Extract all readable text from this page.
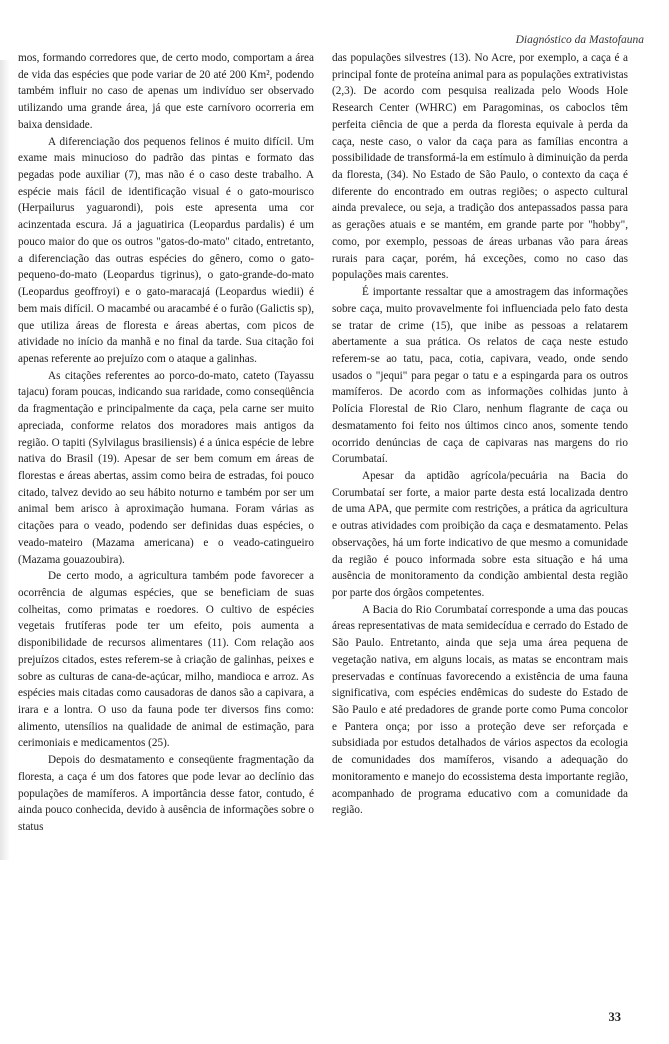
Diagnóstico da Mastofauna

mos, formando corredores que, de certo modo, comportam a área de vida das espécies que pode variar de 20 até 200 Km², podendo também influir no caso de apenas um indivíduo ser observado utilizando uma grande área, já que este carnívoro ocorreria em baixa densidade.

A diferenciação dos pequenos felinos é muito difícil. Um exame mais minucioso do padrão das pintas e formato das pegadas pode auxiliar (7), mas não é o caso deste trabalho. A espécie mais fácil de identificação visual é o gato-mourisco (Herpailurus yaguarondi), pois este apresenta uma cor acinzentada escura. Já a jaguatirica (Leopardus pardalis) é um pouco maior do que os outros "gatos-do-mato" citado, entretanto, a diferenciação das outras espécies do gênero, como o gato-pequeno-do-mato (Leopardus tigrinus), o gato-grande-do-mato (Leopardus geoffroyi) e o gato-maracajá (Leopardus wiedii) é bem mais difícil. O macambé ou aracambé é o furão (Galictis sp), que utiliza áreas de floresta e áreas abertas, com picos de atividade no início da manhã e no final da tarde. Sua citação foi apenas referente ao prejuízo com o ataque a galinhas.

As citações referentes ao porco-do-mato, cateto (Tayassu tajacu) foram poucas, indicando sua raridade, como conseqüência da fragmentação e principalmente da caça, pela carne ser muito apreciada, conforme relatos dos moradores mais antigos da região. O tapiti (Sylvilagus brasiliensis) é a única espécie de lebre nativa do Brasil (19). Apesar de ser bem comum em áreas de florestas e áreas abertas, assim como beira de estradas, foi pouco citado, talvez devido ao seu hábito noturno e também por ser um animal bem arisco à aproximação humana. Foram várias as citações para o veado, podendo ser definidas duas espécies, o veado-mateiro (Mazama americana) e o veado-catingueiro (Mazama gouazoubira).

De certo modo, a agricultura também pode favorecer a ocorrência de algumas espécies, que se beneficiam de suas colheitas, como primatas e roedores. O cultivo de espécies vegetais frutíferas pode ter um efeito, pois aumenta a disponibilidade de recursos alimentares (11). Com relação aos prejuízos citados, estes referem-se à criação de galinhas, peixes e sobre as culturas de cana-de-açúcar, milho, mandioca e arroz. As espécies mais citadas como causadoras de danos são a capivara, a irara e a lontra. O uso da fauna pode ter diversos fins como: alimento, utensílios na qualidade de animal de estimação, para cerimoniais e medicamentos (25).

Depois do desmatamento e conseqüente fragmentação da floresta, a caça é um dos fatores que pode levar ao declínio das populações de mamíferos. A importância desse fator, contudo, é ainda pouco conhecida, devido à ausência de informações sobre o status

das populações silvestres (13). No Acre, por exemplo, a caça é a principal fonte de proteína animal para as populações extrativistas (2,3). De acordo com pesquisa realizada pelo Woods Hole Research Center (WHRC) em Paragominas, os caboclos têm perfeita ciência de que a perda da floresta equivale à perda da caça, neste caso, o valor da caça para as famílias encontra a possibilidade de transformá-la em estímulo à diminuição da perda da floresta, (34). No Estado de São Paulo, o contexto da caça é diferente do encontrado em outras regiões; o aspecto cultural ainda prevalece, ou seja, a tradição dos antepassados passa para as gerações atuais e se mantém, em grande parte por "hobby", como, por exemplo, pessoas de áreas urbanas vão para áreas rurais para caçar, porém, há exceções, como no caso das populações mais carentes.

É importante ressaltar que a amostragem das informações sobre caça, muito provavelmente foi influenciada pelo fato desta se tratar de crime (15), que inibe as pessoas a relatarem abertamente a sua prática. Os relatos de caça neste estudo referem-se ao tatu, paca, cotia, capivara, veado, onde sendo usados o "jequi" para pegar o tatu e a espingarda para os outros mamíferos. De acordo com as informações colhidas junto à Polícia Florestal de Rio Claro, nenhum flagrante de caça ou desmatamento foi feito nos últimos cinco anos, somente tendo ocorrido denúncias de caça de capivaras nas margens do rio Corumbataí.

Apesar da aptidão agrícola/pecuária na Bacia do Corumbataí ser forte, a maior parte desta está localizada dentro de uma APA, que permite com restrições, a prática da agricultura e outras atividades com proibição da caça e desmatamento. Pelas observações, há um forte indicativo de que mesmo a comunidade da região é pouco informada sobre esta situação e há uma ausência de monitoramento da condição ambiental desta região por parte dos órgãos competentes.

A Bacia do Rio Corumbataí corresponde a uma das poucas áreas representativas de mata semidecídua e cerrado do Estado de São Paulo. Entretanto, ainda que seja uma área pequena de vegetação nativa, em alguns locais, as matas se encontram mais preservadas e contínuas favorecendo a existência de uma fauna significativa, com espécies endêmicas do sudeste do Estado de São Paulo e até predadores de grande porte como Puma concolor e Pantera onça; por isso a proteção deve ser reforçada e subsidiada por estudos detalhados de vários aspectos da ecologia de comunidades dos mamíferos, visando a adequação do monitoramento e manejo do ecossistema desta importante região, acompanhado de programa educativo com a comunidade da região.

33
